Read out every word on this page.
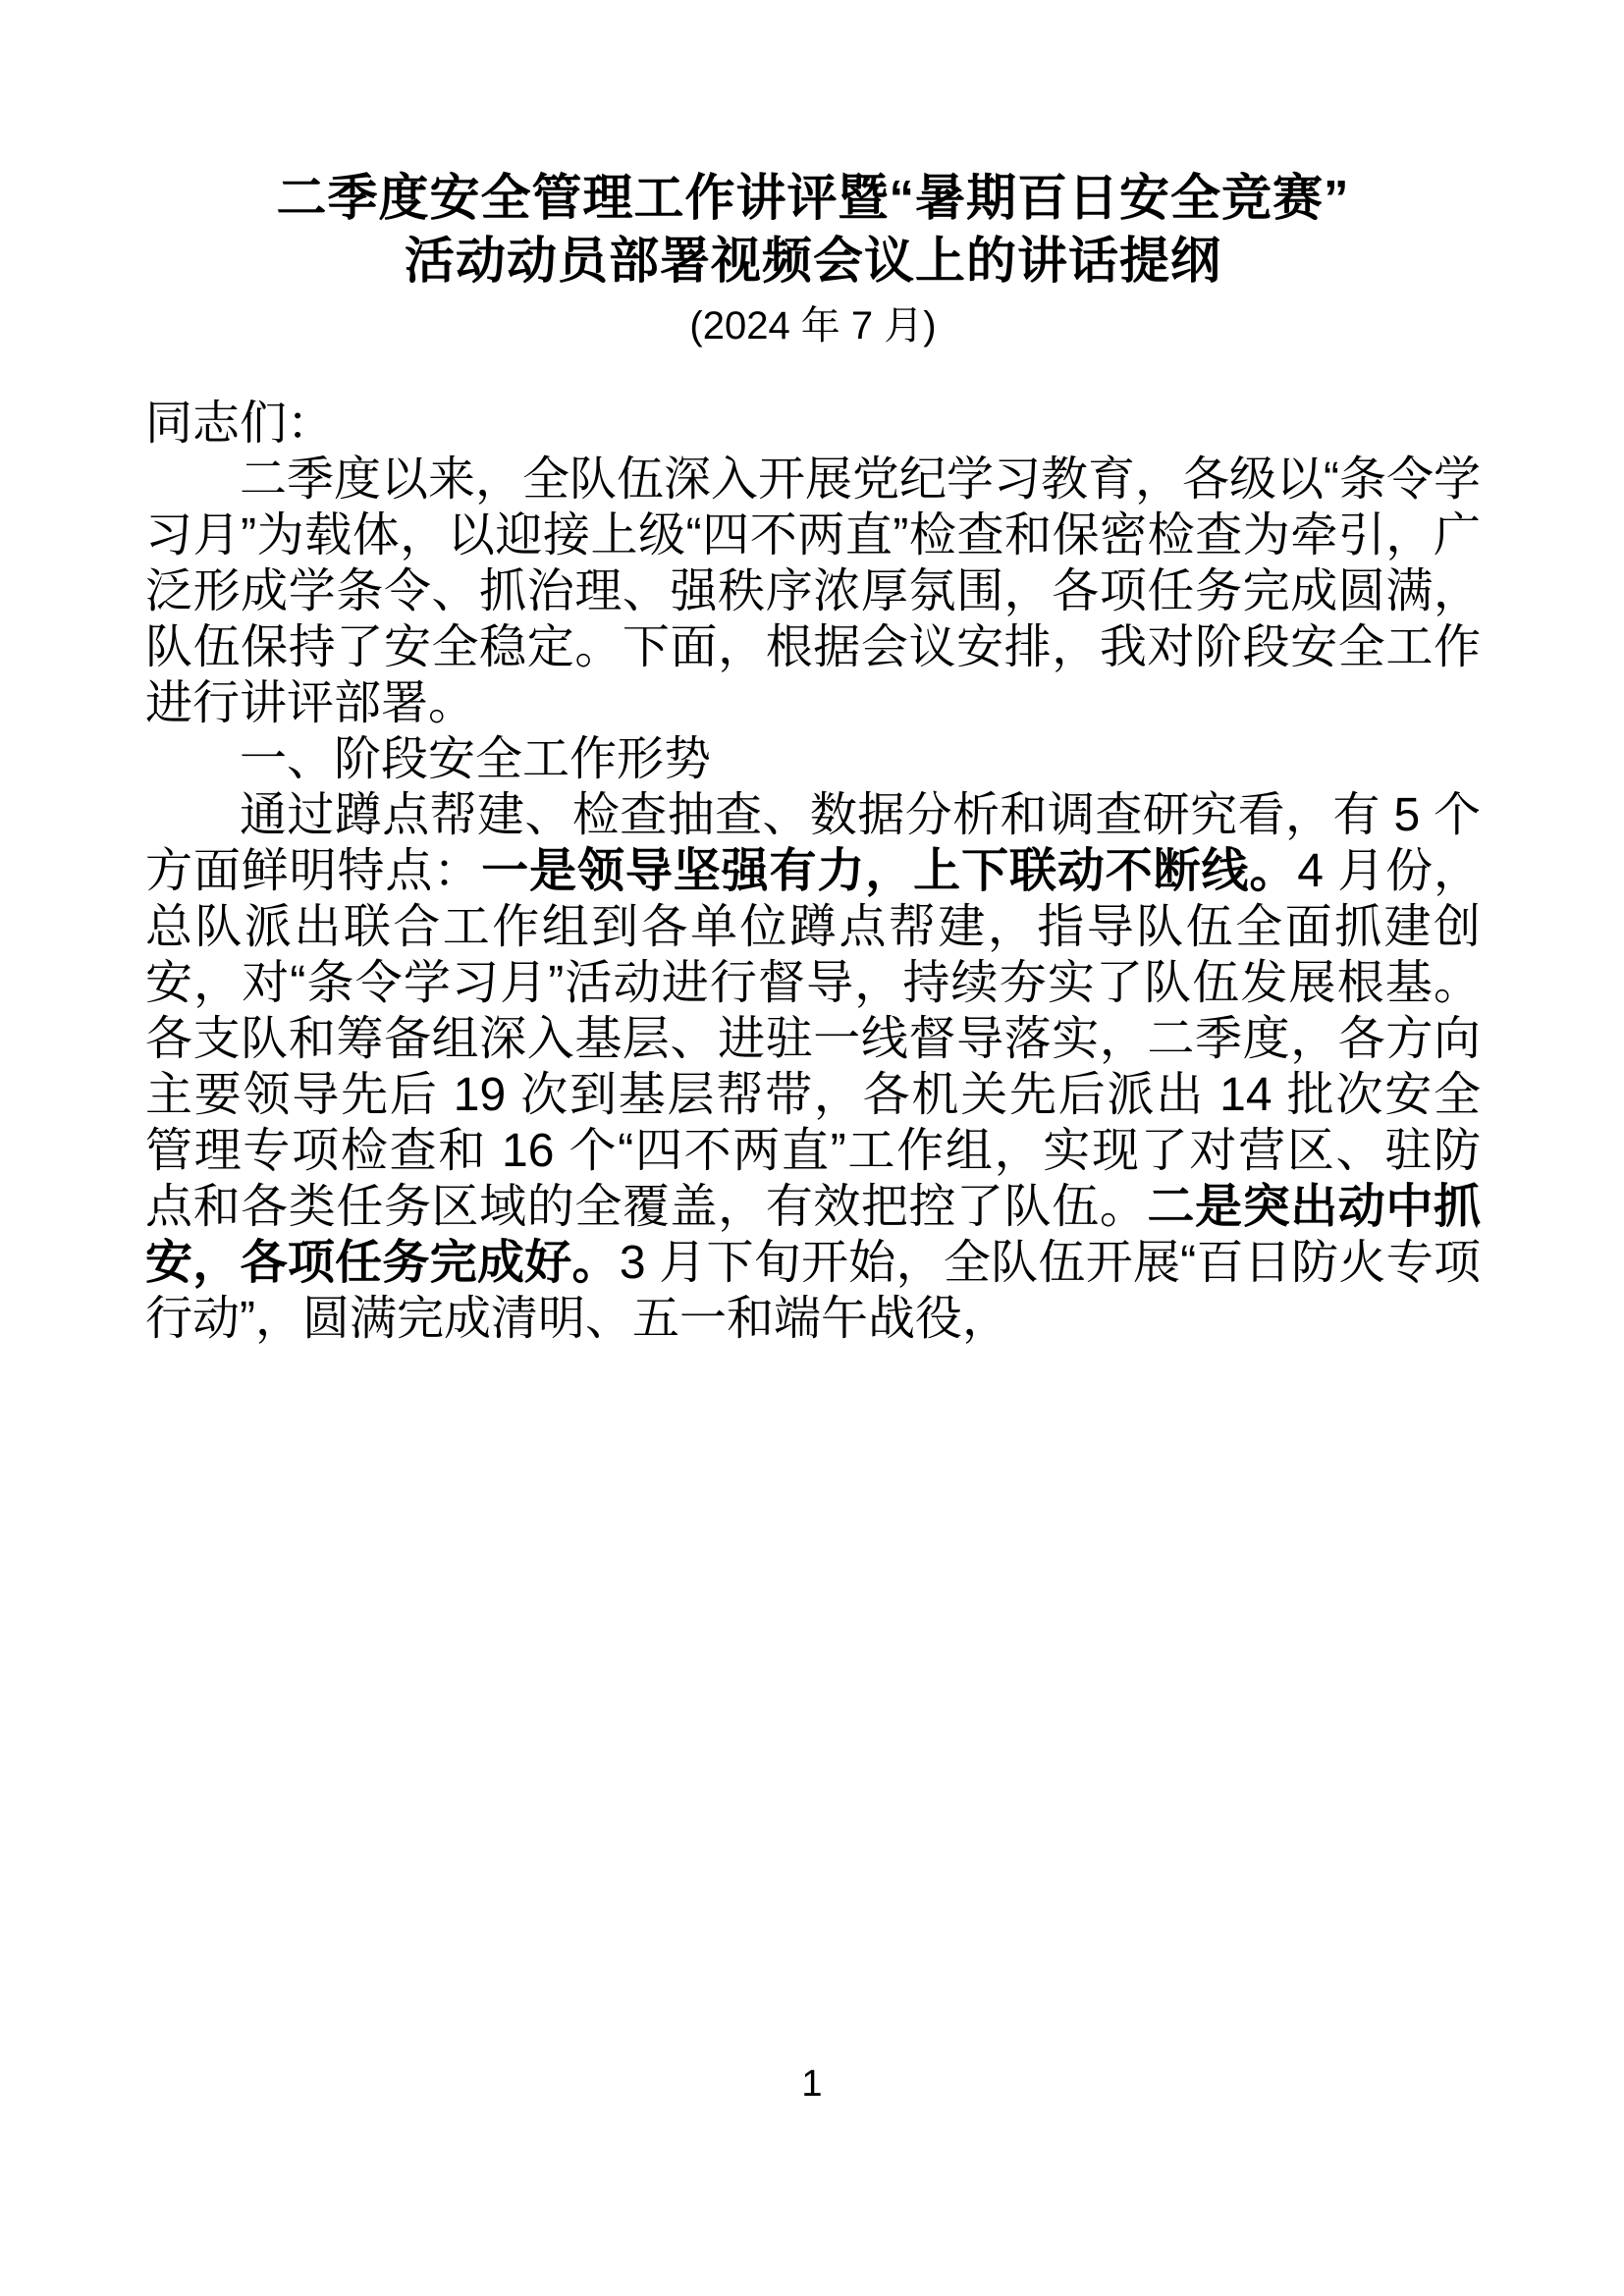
二季度安全管理工作讲评暨“暑期百日安全竞赛”
活动动员部署视频会议上的讲话提纲
(2024 年 7 月)

同志们：

二季度以来，全队伍深入开展党纪学习教育，各级以“条令学习月”为载体，以迎接上级“四不两直”检查和保密检查为牵引，广泛形成学条令、抓治理、强秩序浓厚氛围，各项任务完成圆满，队伍保持了安全稳定。下面，根据会议安排，我对阶段安全工作进行讲评部署。

一、阶段安全工作形势

通过蹲点帮建、检查抽查、数据分析和调查研究看，有 5 个方面鲜明特点：一是领导坚强有力，上下联动不断线。4 月份，总队派出联合工作组到各单位蹲点帮建，指导队伍全面抓建创安，对“条令学习月”活动进行督导，持续夯实了队伍发展根基。各支队和筹备组深入基层、进驻一线督导落实，二季度，各方向主要领导先后 19 次到基层帮带，各机关先后派出 14 批次安全管理专项检查和 16 个“四不两直”工作组，实现了对营区、驻防点和各类任务区域的全覆盖，有效把控了队伍。二是突出动中抓安，各项任务完成好。3 月下旬开始，全队伍开展“百日防火专项行动”，圆满完成清明、五一和端午战役，

1
